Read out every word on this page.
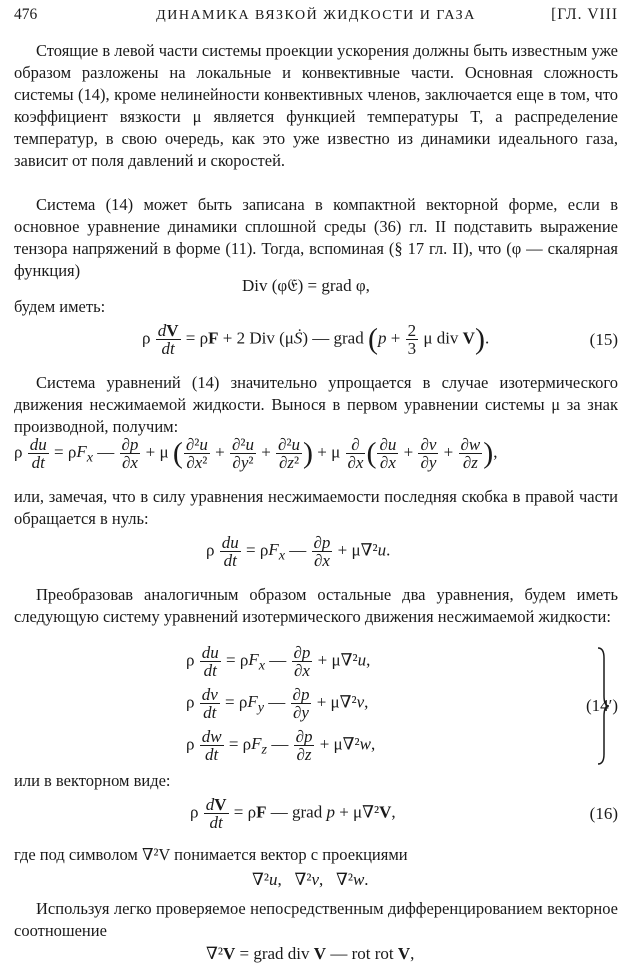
476	ДИНАМИКА ВЯЗКОЙ ЖИДКОСТИ И ГАЗА	[ГЛ. VIII

Стоящие в левой части системы проекции ускорения должны быть известным уже образом разложены на локальные и конвективные части. Основная сложность системы (14), кроме нелинейности конвективных членов, заключается еще в том, что коэффициент вязкости μ является функцией температуры T, а распределение температур, в свою очередь, как это уже известно из динамики идеального газа, зависит от поля давлений и скоростей.

Система (14) может быть записана в компактной векторной форме, если в основное уравнение динамики сплошной среды (36) гл. II подставить выражение тензора напряжений в форме (11). Тогда, вспоминая (§ 17 гл. II), что (φ — скалярная функция)

Div (φ𝔈) = grad φ,

будем иметь:

ρ $\frac{dV}{dt} = \rho F + 2$ Div (μṠ) — grad ($p + \frac{2}{3}$ μ div V).	(15)

Система уравнений (14) значительно упрощается в случае изотермического движения несжимаемой жидкости. Вынося в первом уравнении системы μ за знак производной, получим:

ρ $\frac{du}{dt} = \rho F_x$ — $\frac{\partial p}{\partial x} + \mu$ ( $\frac{\text{∂²u}}{\text{∂x²}} + \frac{\text{∂²u}}{\text{∂y²}} + \frac{\text{∂²u}}{\text{∂z²}}$ ) + μ $\frac{\partial}{\partial x}$ ( $\frac{\partial u}{\partial x} + \frac{\partial v}{\partial y} + \frac{\partial w}{\partial z}$ ),

или, замечая, что в силу уравнения несжимаемости последняя скобка в правой части обращается в нуль:

ρ $\frac{du}{dt} = \rho F_x$ — $\frac{\partial p}{\partial x} + \mu\nabla^2u$.

Преобразовав аналогичным образом остальные два уравнения, будем иметь следующую систему уравнений изотермического движения несжимаемой жидкости:

ρ $\frac{du}{dt} = \rho F_x$ — $\frac{\partial p}{\partial x} + \mu\nabla^2u$,
ρ $\frac{dv}{dt} = \rho F_y$ — $\frac{\partial p}{\partial y} + \mu\nabla^2v$,
ρ $\frac{dw}{dt} = \rho F_z$ — $\frac{\partial p}{\partial z} + \mu\nabla^2w$,
(14′)

или в векторном виде:

ρ $\frac{dV}{dt} = \rho F$ — grad p + μ∇²V,	(16)

где под символом ∇²V понимается вектор с проекциями

∇²u,   ∇²v,   ∇²w.

Используя легко проверяемое непосредственным дифференцированием векторное соотношение

∇²V = grad div V — rot rot V,
